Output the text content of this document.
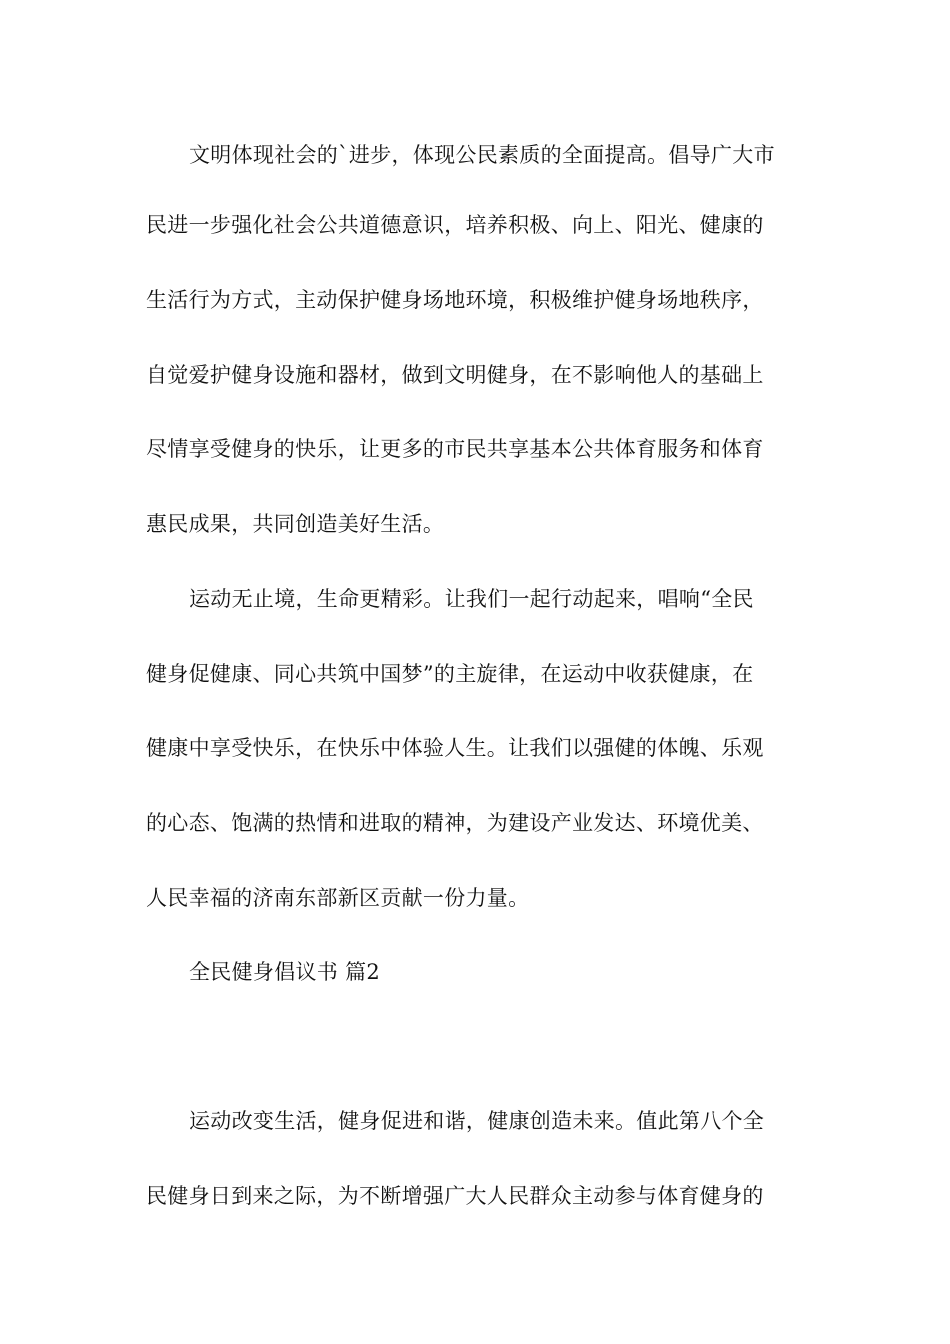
文明体现社会的`进步，体现公民素质的全面提高。倡导广大市

民进一步强化社会公共道德意识，培养积极、向上、阳光、健康的

生活行为方式，主动保护健身场地环境，积极维护健身场地秩序，

自觉爱护健身设施和器材，做到文明健身，在不影响他人的基础上

尽情享受健身的快乐，让更多的市民共享基本公共体育服务和体育

惠民成果，共同创造美好生活。

运动无止境，生命更精彩。让我们一起行动起来，唱响“全民

健身促健康、同心共筑中国梦”的主旋律，在运动中收获健康，在

健康中享受快乐，在快乐中体验人生。让我们以强健的体魄、乐观

的心态、饱满的热情和进取的精神，为建设产业发达、环境优美、

人民幸福的济南东部新区贡献一份力量。

全民健身倡议书 篇2

运动改变生活，健身促进和谐，健康创造未来。值此第八个全

民健身日到来之际，为不断增强广大人民群众主动参与体育健身的
